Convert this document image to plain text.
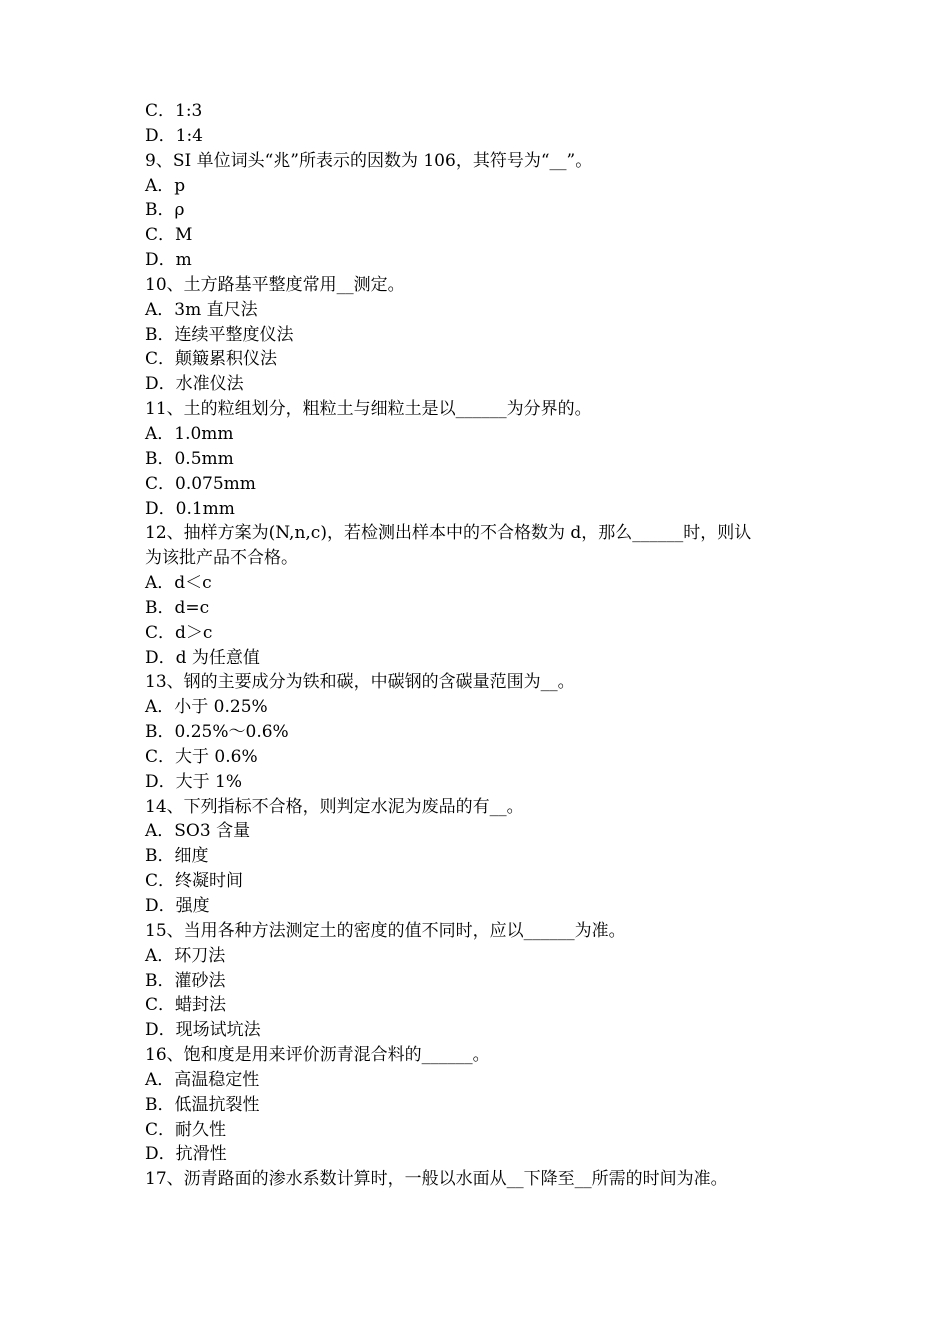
C．1:3
D．1:4
9、SI 单位词头“兆”所表示的因数为 106，其符号为“__”。
A．p
B．ρ
C．M
D．m
10、土方路基平整度常用__测定。
A．3m 直尺法
B．连续平整度仪法
C．颠簸累积仪法
D．水准仪法
11、土的粒组划分，粗粒土与细粒土是以______为分界的。
A．1.0mm
B．0.5mm
C．0.075mm
D．0.1mm
12、抽样方案为(N,n,c)，若检测出样本中的不合格数为 d，那么______时，则认
为该批产品不合格。
A．d＜c
B．d=c
C．d＞c
D．d 为任意值
13、钢的主要成分为铁和碳，中碳钢的含碳量范围为__。
A．小于 0.25%
B．0.25%～0.6%
C．大于 0.6%
D．大于 1%
14、下列指标不合格，则判定水泥为废品的有__。
A．SO3 含量
B．细度
C．终凝时间
D．强度
15、当用各种方法测定土的密度的值不同时，应以______为准。
A．环刀法
B．灌砂法
C．蜡封法
D．现场试坑法
16、饱和度是用来评价沥青混合料的______。
A．高温稳定性
B．低温抗裂性
C．耐久性
D．抗滑性
17、沥青路面的渗水系数计算时，一般以水面从__下降至__所需的时间为准。
